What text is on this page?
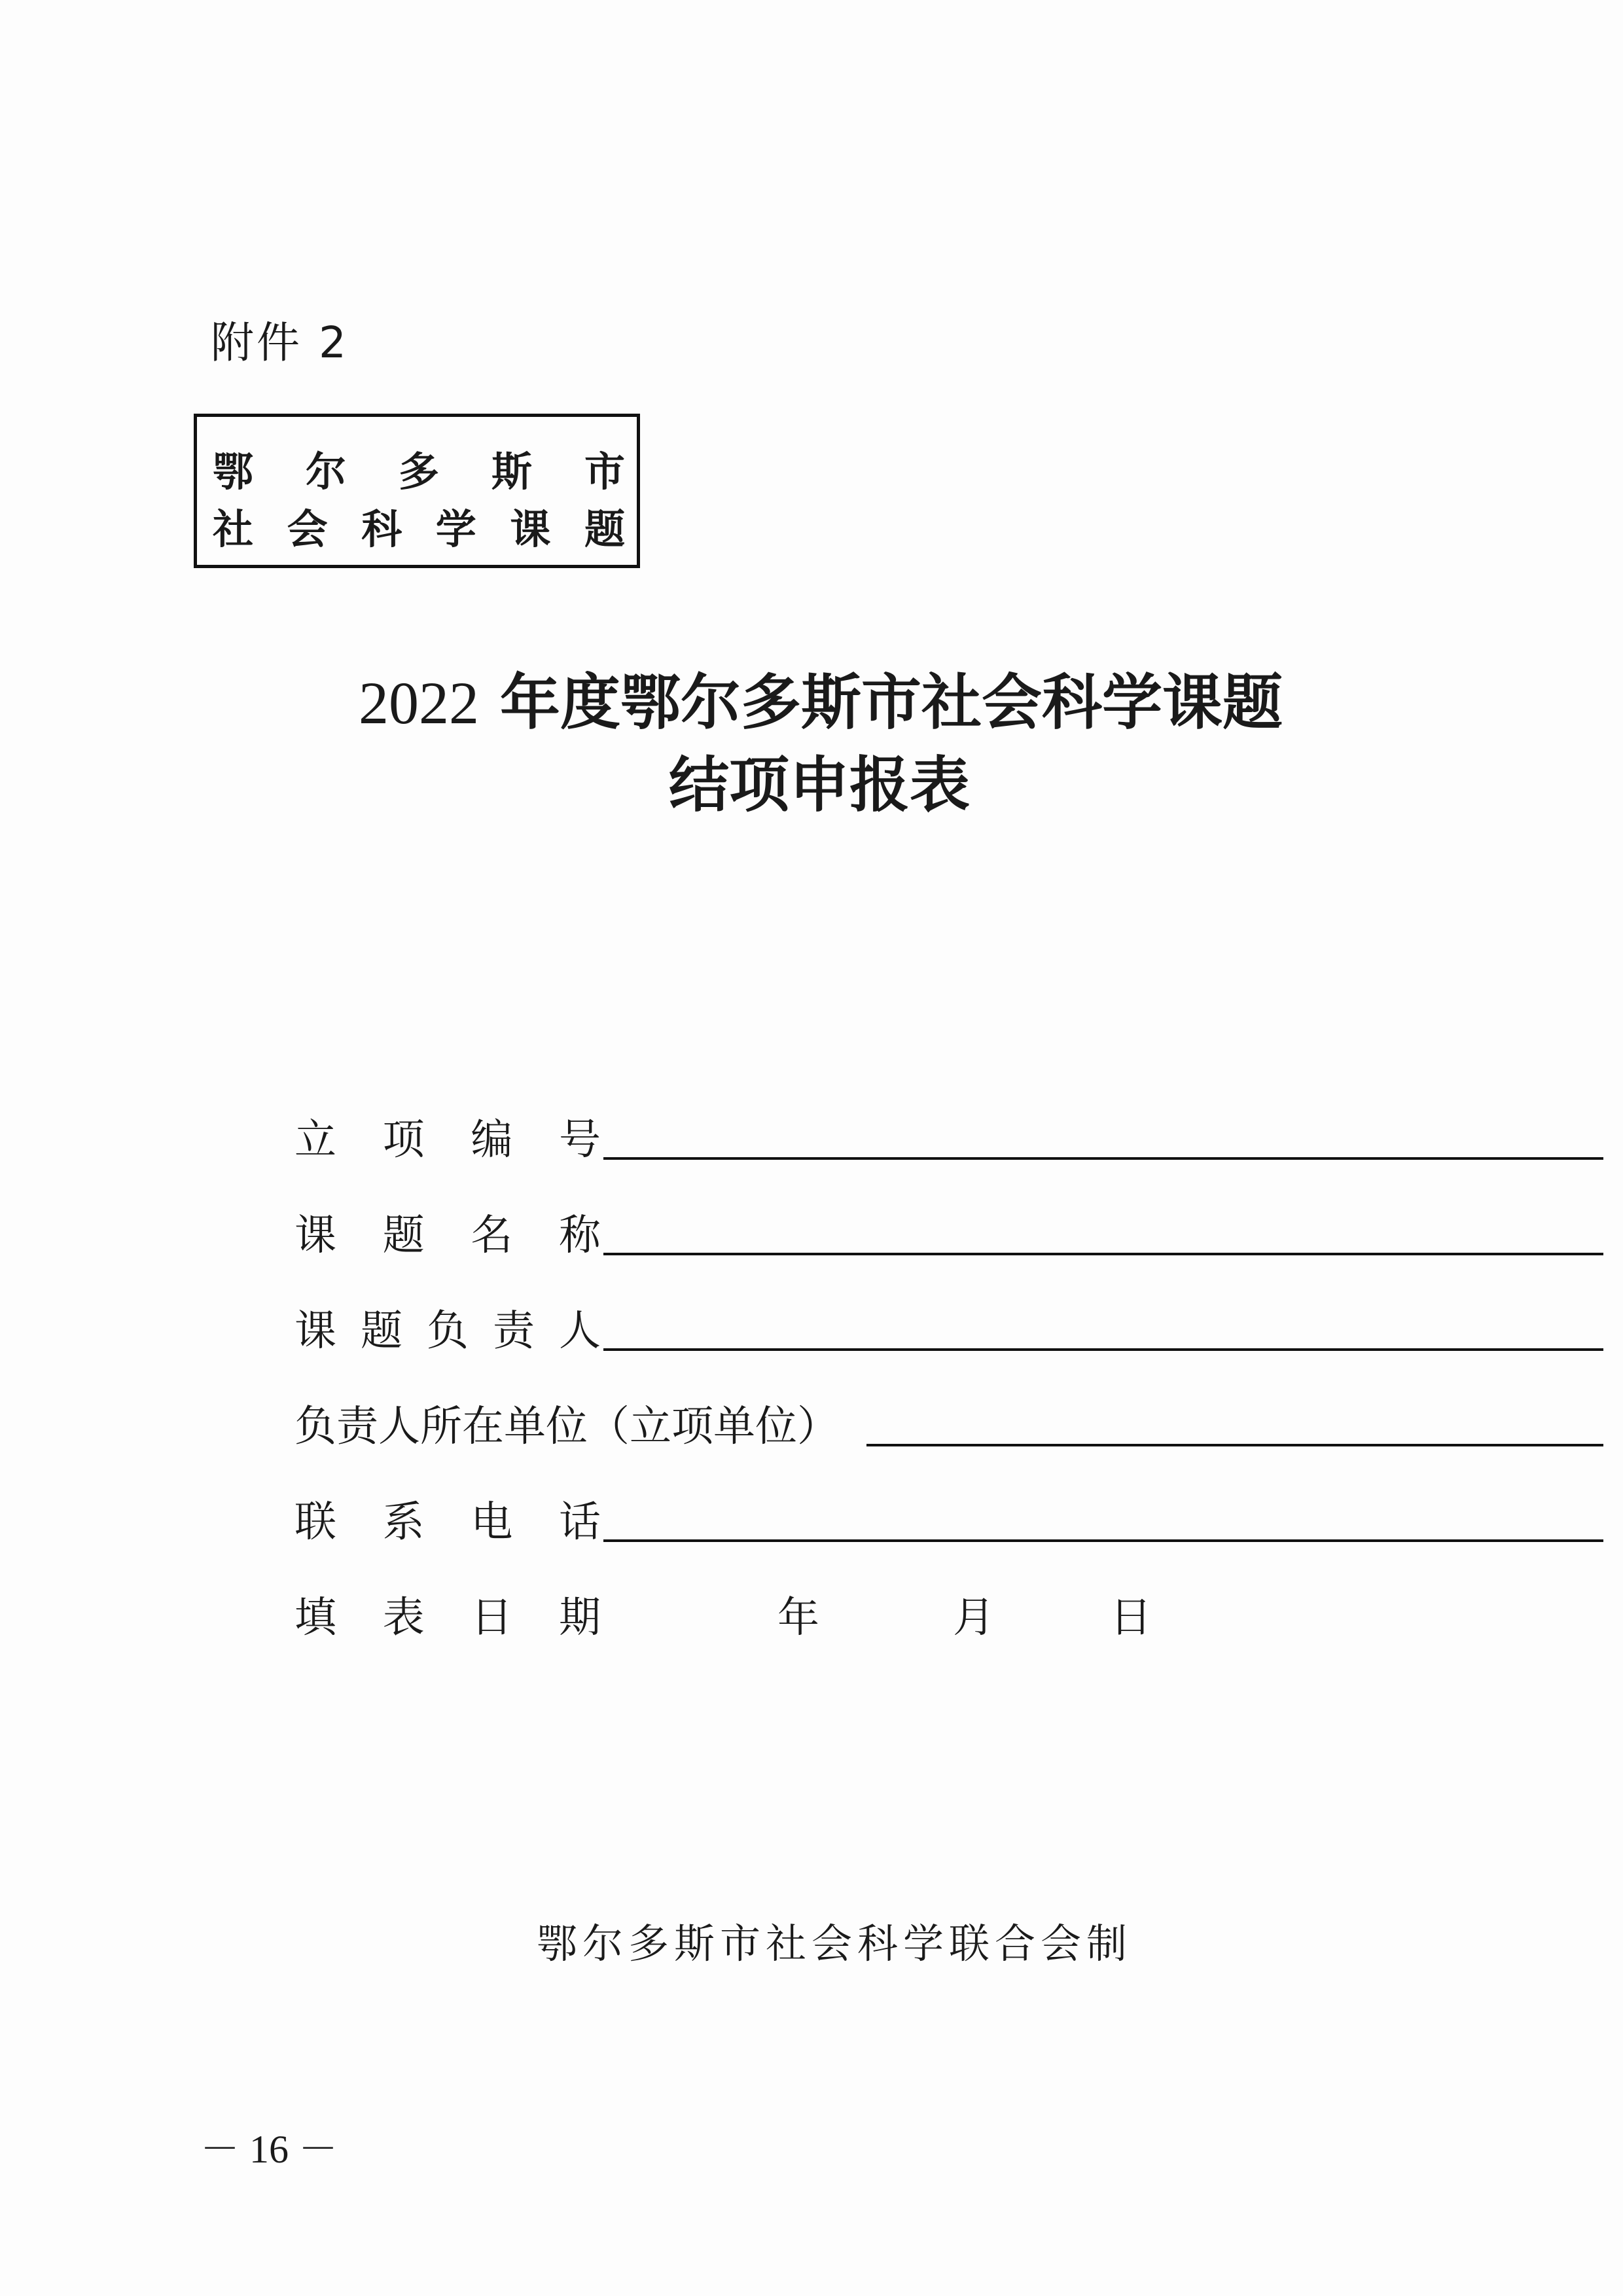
附件 2
鄂 尔 多 斯 市
社 会 科 学 课 题
2022 年度鄂尔多斯市社会科学课题
结项申报表
立 项 编 号
课 题 名 称
课 题 负 责 人
负责人所在单位（立项单位）
联 系 电 话
填 表 日 期	年	月	日
鄂尔多斯市社会科学联合会制
－ 16 －
